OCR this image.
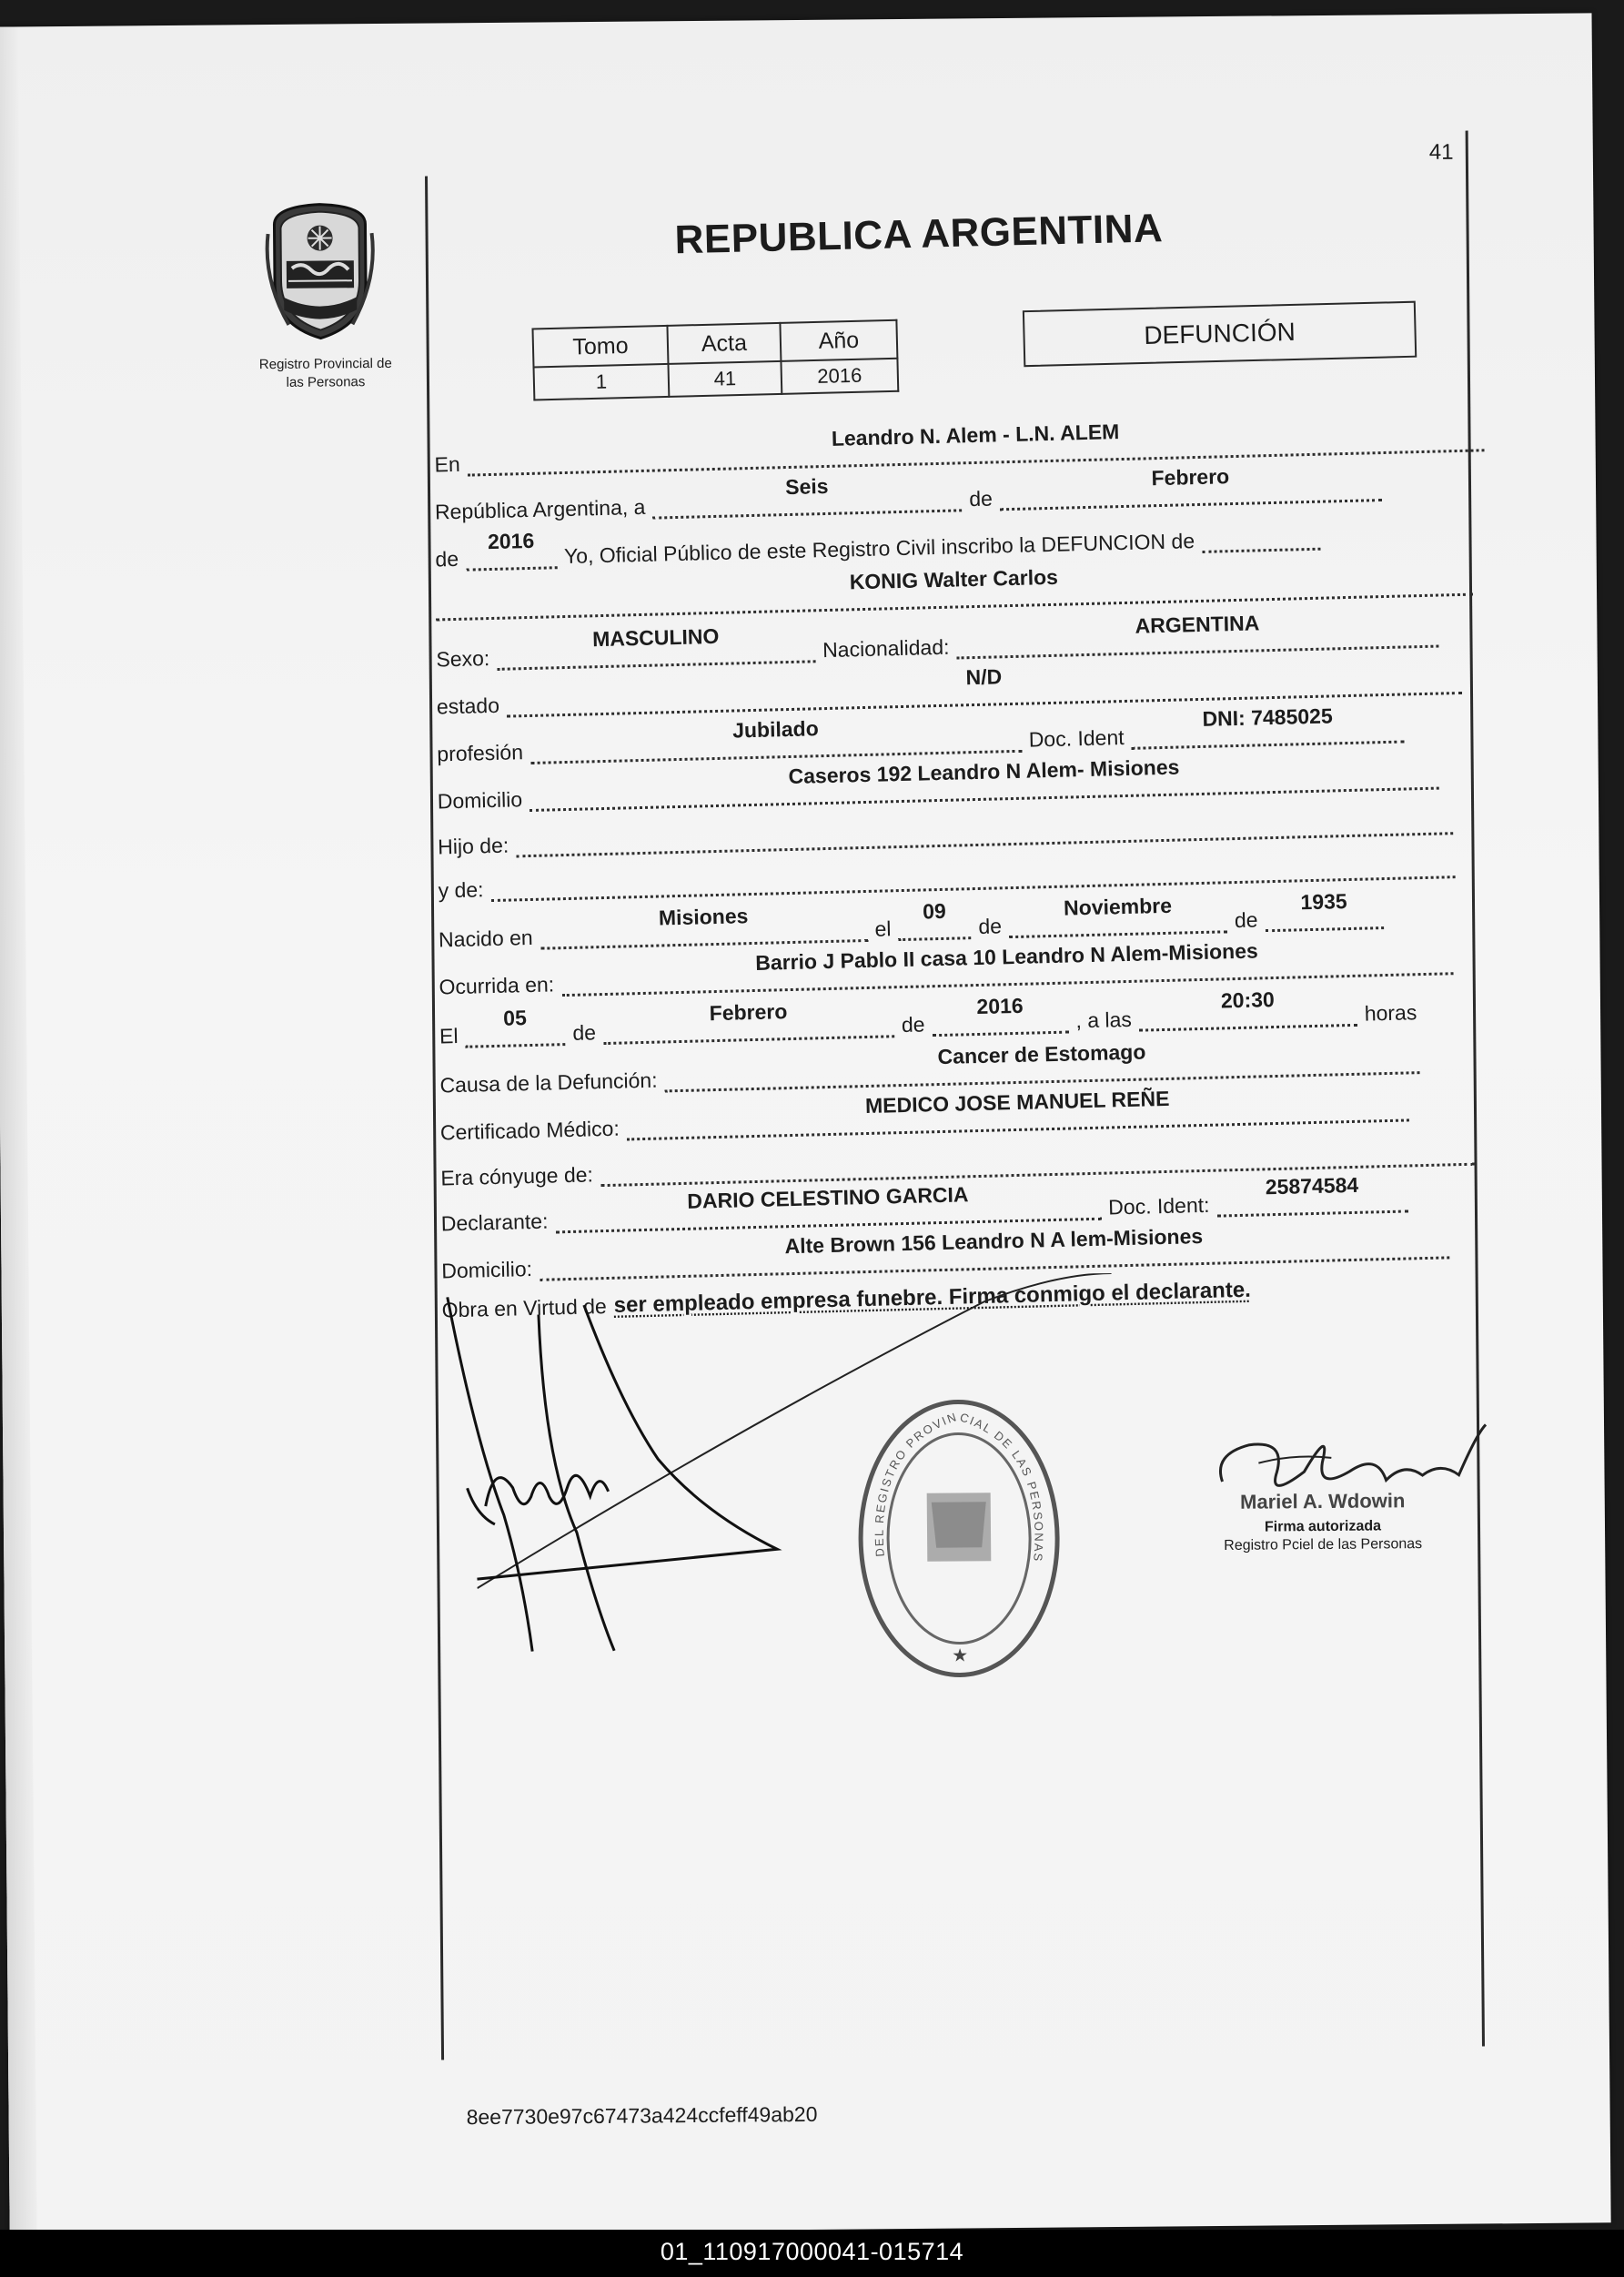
41
Registro Provincial de
las Personas
REPUBLICA ARGENTINA
Tomo	Acta	Año
1	41	2016
DEFUNCIÓN
En
Leandro N. Alem - L.N. ALEM
República Argentina, a
Seis	de
Febrero
de
2016	Yo, Oficial Público de este Registro Civil inscribo la DEFUNCION de
KONIG Walter Carlos
Sexo:
MASCULINO	Nacionalidad:
ARGENTINA
estado
N/D
profesión
Jubilado	Doc. Ident
DNI: 7485025
Domicilio
Caseros 192 Leandro N Alem- Misiones
Hijo de:
y de:
Nacido en
Misiones	el
09
de
Noviembre
de
1935
Ocurrida en:
Barrio J Pablo II casa 10 Leandro N Alem-Misiones
El
05
de
Febrero	de
2016
, a las
20:30
horas
Causa de la Defunción:
Cancer de Estomago
Certificado Médico:
MEDICO JOSE MANUEL REÑE
Era cónyuge de:
Declarante:
DARIO CELESTINO GARCIA	Doc. Ident:
25874584
Domicilio:
Alte Brown 156 Leandro N A lem-Misiones
Obra en Virtud de ser empleado empresa funebre. Firma conmigo el declarante.
★
DEL REGISTRO PROVINCIAL DE LAS PERSONAS
Mariel A. Wdowin
Firma autorizada
Registro Pciel de las Personas
8ee7730e97c67473a424ccfeff49ab20
01_110917000041-015714
